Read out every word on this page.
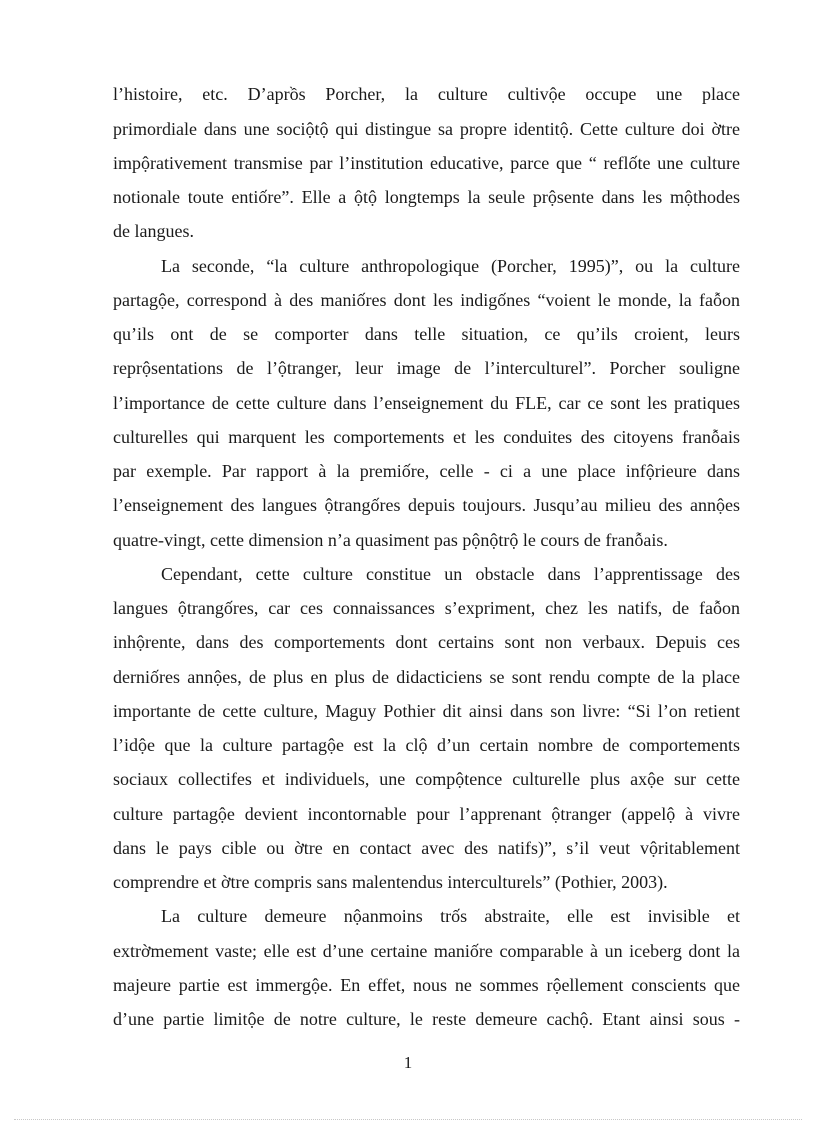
l’histoire, etc. D’aprồs Porcher, la culture cultivộe occupe une place
primordiale dans une sociộtộ qui distingue sa propre identitộ. Cette culture doi ờtre
impộrativement transmise par l’institution educative, parce que “ reflốte une culture
notionale toute entiốre”. Elle a ộtộ longtemps la seule prộsente dans les mộthodes
de langues.
La seconde, “la culture anthropologique (Porcher, 1995)”, ou la culture
partagộe, correspond à des maniốres dont les indigốnes “voient le monde, la faỗon
qu’ils ont de se comporter dans telle situation, ce qu’ils croient, leurs
reprộsentations de l’ộtranger, leur image de l’interculturel”. Porcher souligne
l’importance de cette culture dans l’enseignement du FLE, car ce sont les pratiques
culturelles qui marquent les comportements et les conduites des citoyens franỗais
par exemple. Par rapport à la premiốre, celle - ci a une place infộrieure dans
l’enseignement des langues ộtrangốres depuis toujours. Jusqu’au milieu des annộes
quatre-vingt, cette dimension n’a quasiment pas pộnộtrộ le cours de franỗais.
Cependant, cette culture constitue un obstacle dans l’apprentissage des
langues ộtrangốres, car ces connaissances s’expriment, chez les natifs, de faỗon
inhộrente, dans des comportements dont certains sont non verbaux. Depuis ces
derniốres annộes, de plus en plus de didacticiens se sont rendu compte de la place
importante de cette culture, Maguy Pothier dit ainsi dans son livre: “Si l’on retient
l’idộe que la culture partagộe est la clộ d’un certain nombre de comportements
sociaux collectifes et individuels, une compộtence culturelle plus axộe sur cette
culture partagộe devient incontornable pour l’apprenant ộtranger (appelộ à vivre
dans le pays cible ou ờtre en contact avec des natifs)”, s’il veut vộritablement
comprendre et ờtre compris sans malentendus interculturels” (Pothier, 2003).
La culture demeure nộanmoins trốs abstraite, elle est invisible et
extrờmement vaste; elle est d’une certaine maniốre comparable à un iceberg dont la
majeure partie est immergộe. En effet, nous ne sommes rộellement conscients que
d’une partie limitộe de notre culture, le reste demeure cachộ. Etant ainsi sous -
1
